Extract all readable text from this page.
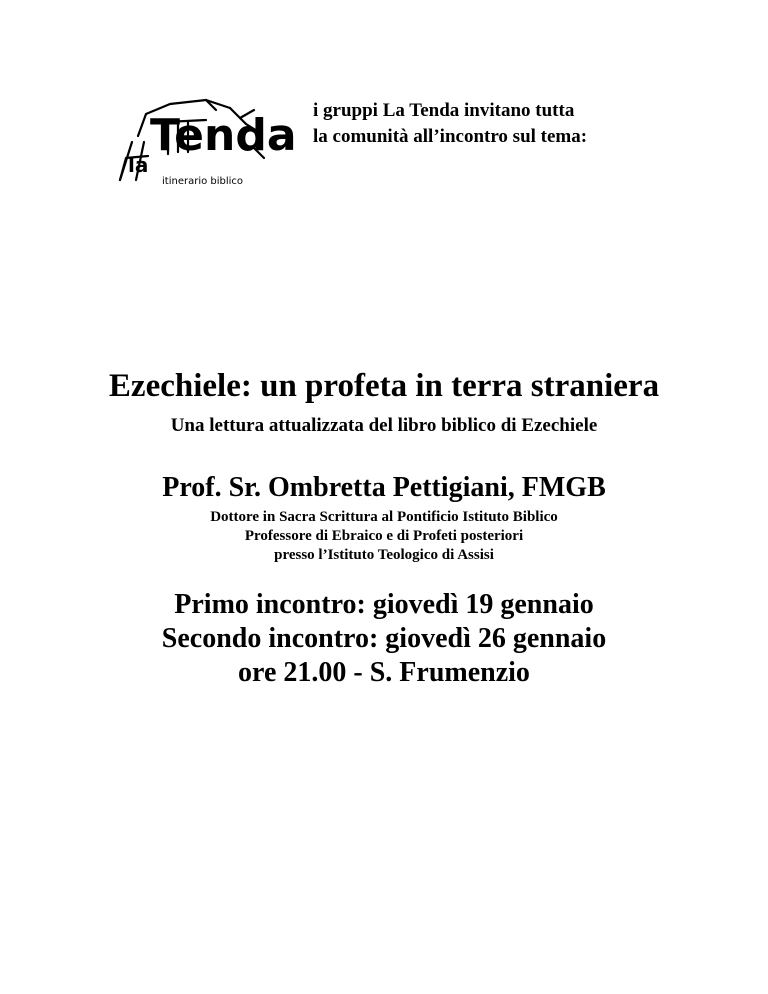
Tenda
la
itinerario biblico
i gruppi La Tenda invitano tutta
la comunità all’incontro sul tema:
Ezechiele: un profeta in terra straniera
Una lettura attualizzata del libro biblico di Ezechiele
Prof. Sr. Ombretta Pettigiani, FMGB
Dottore in Sacra Scrittura al Pontificio Istituto Biblico
Professore di Ebraico e di Profeti posteriori
presso l’Istituto Teologico di Assisi
Primo incontro: giovedì 19 gennaio
Secondo incontro: giovedì 26 gennaio
ore 21.00 - S. Frumenzio
